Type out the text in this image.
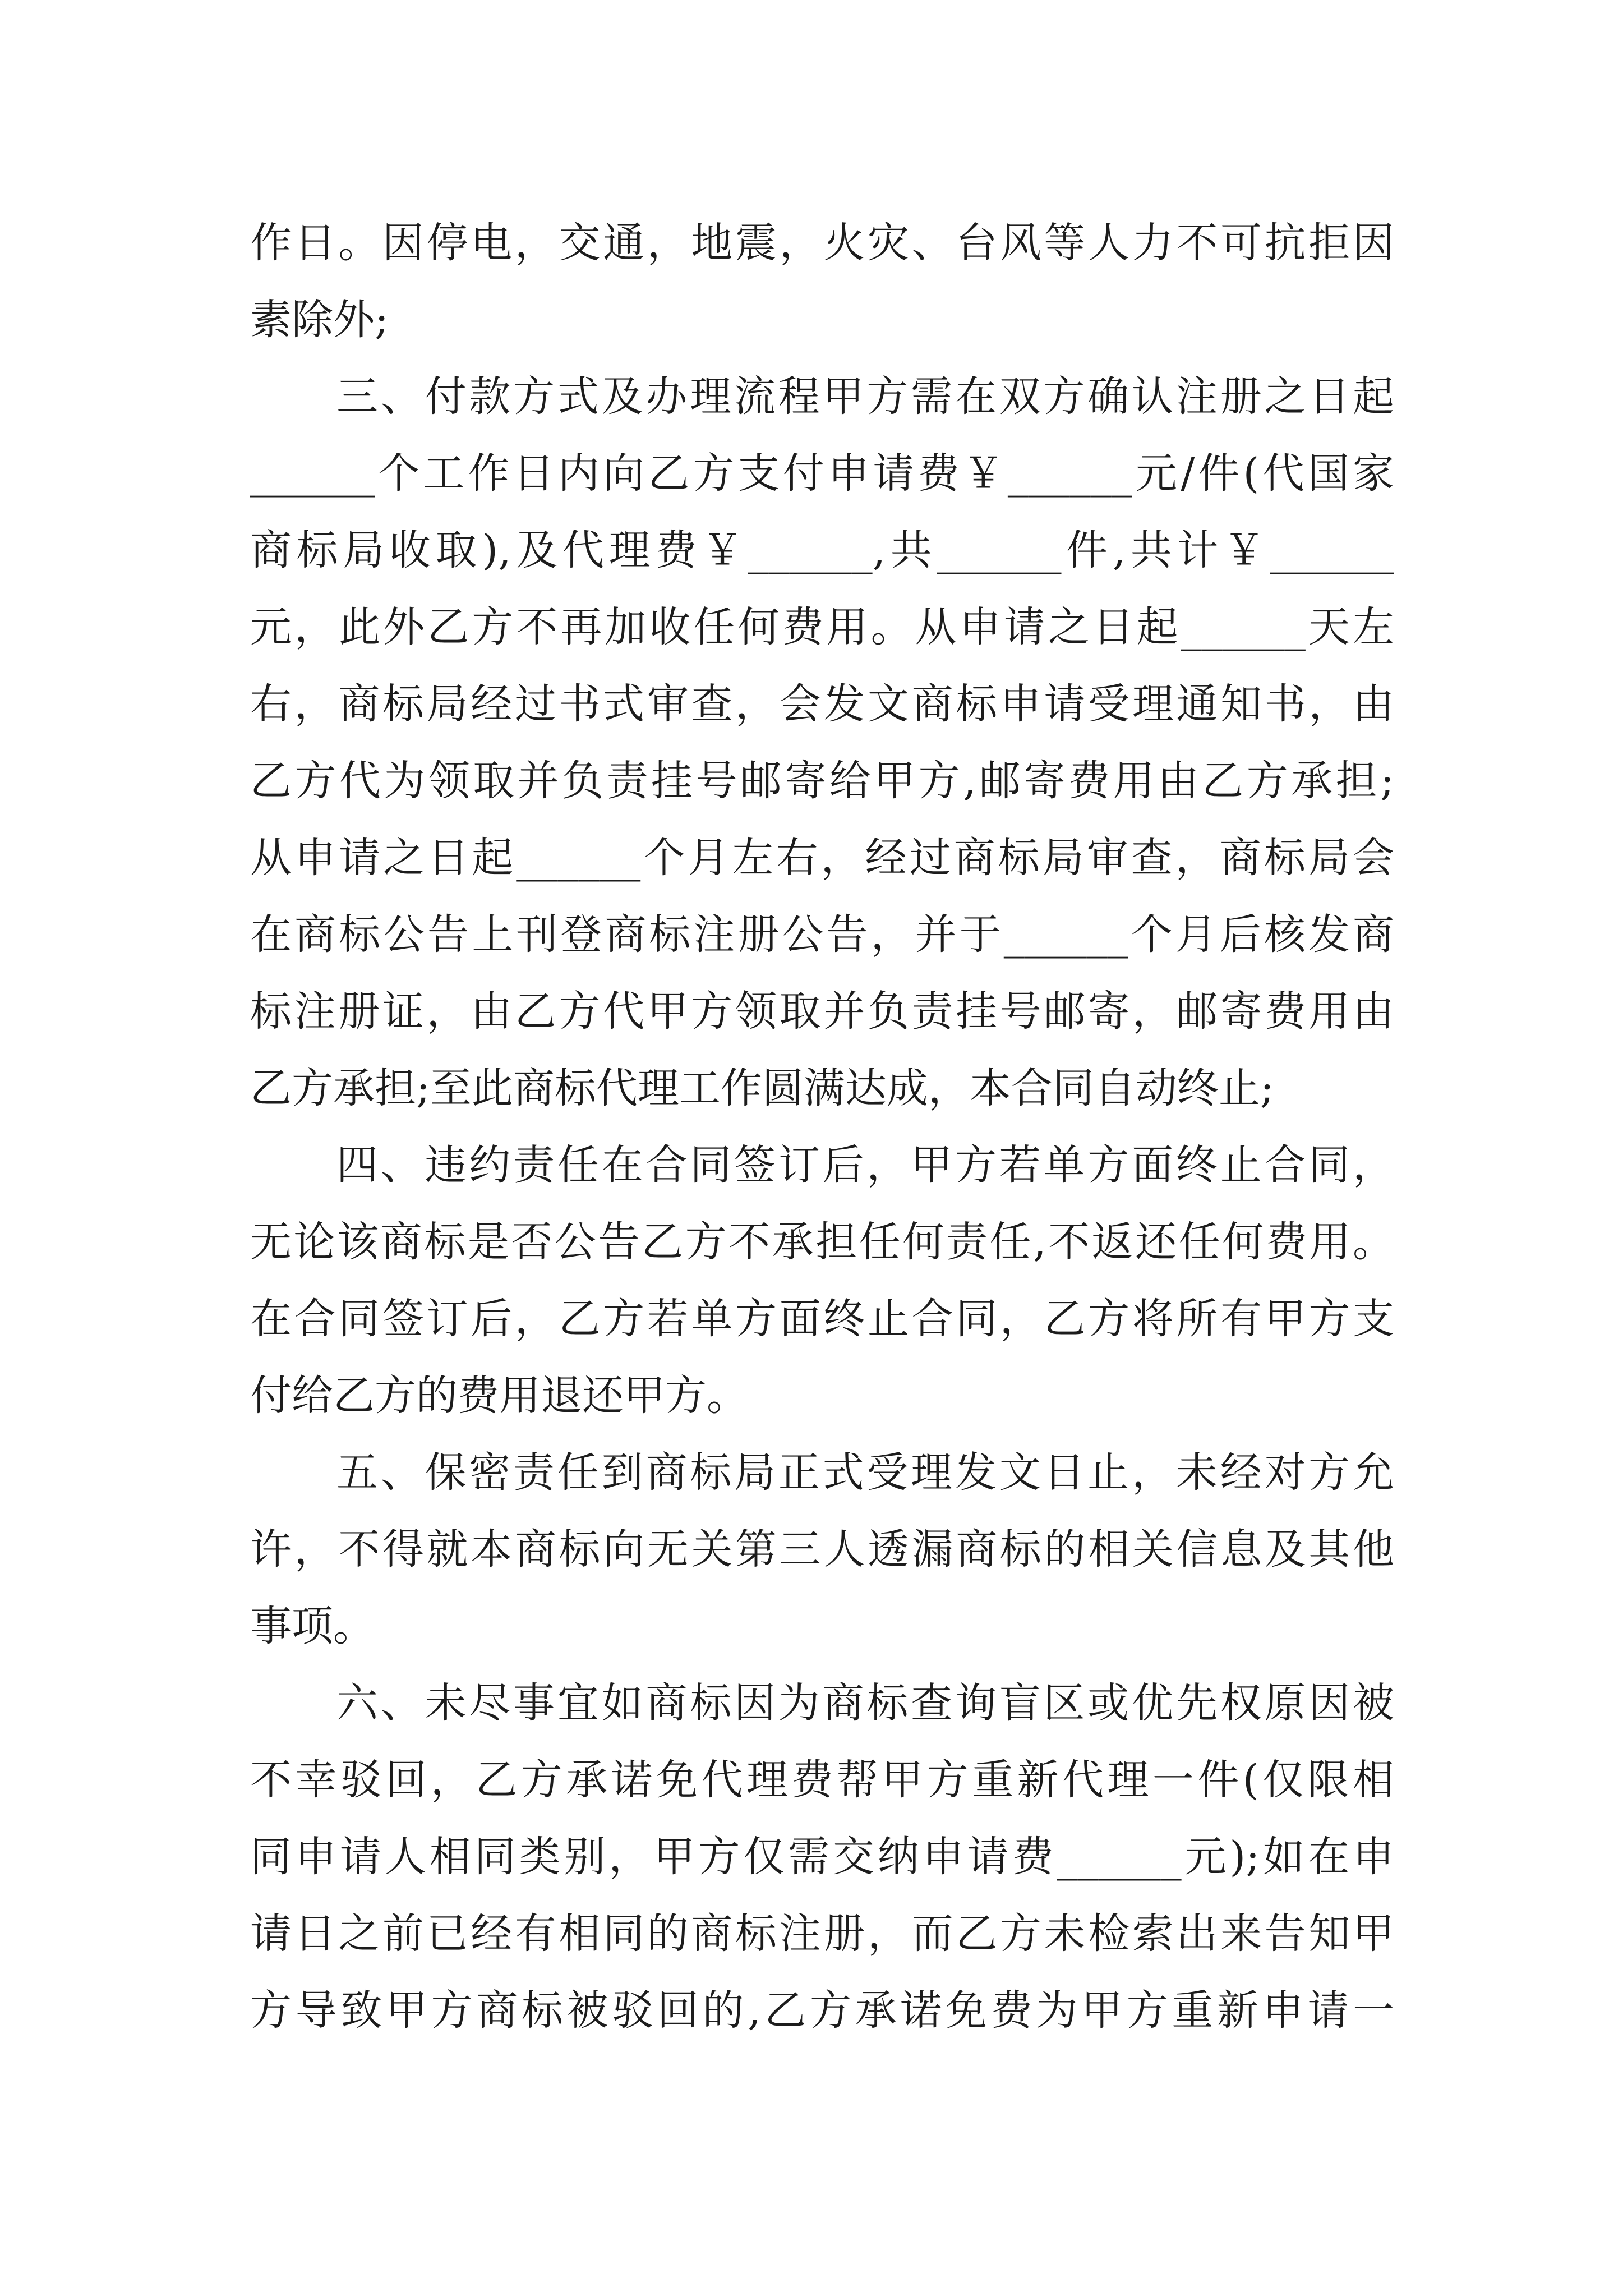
作日。因停电，交通，地震，火灾、台风等人力不可抗拒因
素除外;
三、付款方式及办理流程甲方需在双方确认注册之日起
______个工作日内向乙方支付申请费￥______元/件(代国家
商标局收取),及代理费￥______,共______件,共计￥______
元，此外乙方不再加收任何费用。从申请之日起______天左
右，商标局经过书式审查，会发文商标申请受理通知书，由
乙方代为领取并负责挂号邮寄给甲方,邮寄费用由乙方承担;
从申请之日起______个月左右，经过商标局审查，商标局会
在商标公告上刊登商标注册公告，并于______个月后核发商
标注册证，由乙方代甲方领取并负责挂号邮寄，邮寄费用由
乙方承担;至此商标代理工作圆满达成，本合同自动终止;
四、违约责任在合同签订后，甲方若单方面终止合同，
无论该商标是否公告乙方不承担任何责任,不返还任何费用。
在合同签订后，乙方若单方面终止合同，乙方将所有甲方支
付给乙方的费用退还甲方。
五、保密责任到商标局正式受理发文日止，未经对方允
许，不得就本商标向无关第三人透漏商标的相关信息及其他
事项。
六、未尽事宜如商标因为商标查询盲区或优先权原因被
不幸驳回，乙方承诺免代理费帮甲方重新代理一件(仅限相
同申请人相同类别，甲方仅需交纳申请费______元);如在申
请日之前已经有相同的商标注册，而乙方未检索出来告知甲
方导致甲方商标被驳回的,乙方承诺免费为甲方重新申请一
